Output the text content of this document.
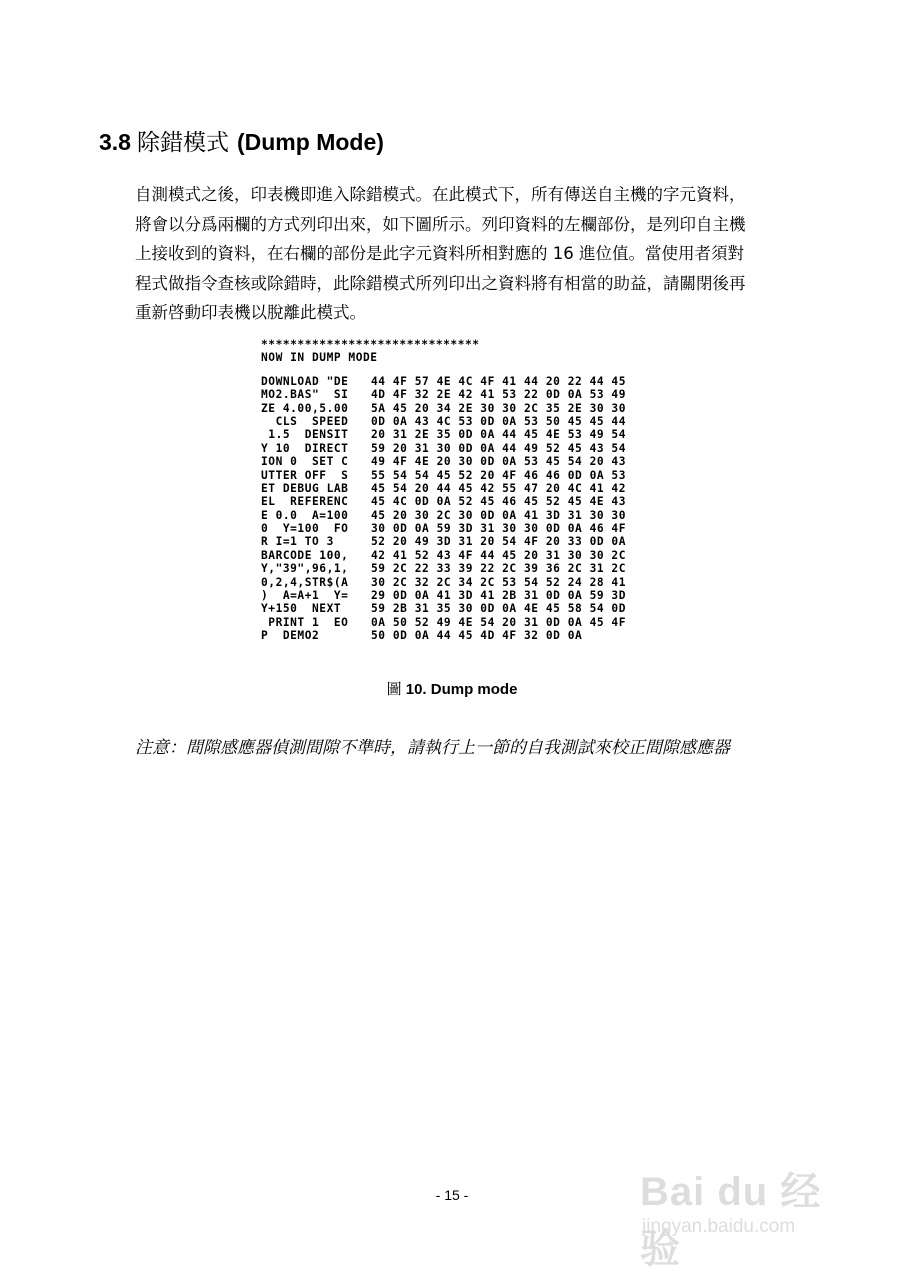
3.8 除錯模式 (Dump Mode)

自測模式之後，印表機即進入除錯模式。在此模式下，所有傳送自主機的字元資料，

將會以分爲兩欄的方式列印出來，如下圖所示。列印資料的左欄部份，是列印自主機

上接收到的資料，在右欄的部份是此字元資料所相對應的 16 進位值。當使用者須對

程式做指令查核或除錯時，此除錯模式所列印出之資料將有相當的助益，請關閉後再

重新啓動印表機以脫離此模式。

******************************
NOW IN DUMP MODE
DOWNLOAD "DE 44 4F 57 4E 4C 4F 41 44 20 22 44 45
MO2.BAS"  SI 4D 4F 32 2E 42 41 53 22 0D 0A 53 49
ZE 4.00,5.00 5A 45 20 34 2E 30 30 2C 35 2E 30 30
CLS  SPEED 0D 0A 43 4C 53 0D 0A 53 50 45 45 44
1.5  DENSIT 20 31 2E 35 0D 0A 44 45 4E 53 49 54
Y 10  DIRECT 59 20 31 30 0D 0A 44 49 52 45 43 54
ION 0  SET C 49 4F 4E 20 30 0D 0A 53 45 54 20 43
UTTER OFF  S 55 54 54 45 52 20 4F 46 46 0D 0A 53
ET DEBUG LAB 45 54 20 44 45 42 55 47 20 4C 41 42
EL  REFERENC 45 4C 0D 0A 52 45 46 45 52 45 4E 43
E 0.0  A=100 45 20 30 2C 30 0D 0A 41 3D 31 30 30
0  Y=100  FO 30 0D 0A 59 3D 31 30 30 0D 0A 46 4F
R I=1 TO 3  52 20 49 3D 31 20 54 4F 20 33 0D 0A
BARCODE 100, 42 41 52 43 4F 44 45 20 31 30 30 2C
Y,"39",96,1, 59 2C 22 33 39 22 2C 39 36 2C 31 2C
0,2,4,STR$(A 30 2C 32 2C 34 2C 53 54 52 24 28 41
)  A=A+1  Y= 29 0D 0A 41 3D 41 2B 31 0D 0A 59 3D
Y+150  NEXT 59 2B 31 35 30 0D 0A 4E 45 58 54 0D
PRINT 1  EO 0A 50 52 49 4E 54 20 31 0D 0A 45 4F
P  DEMO2    50 0D 0A 44 45 4D 4F 32 0D 0A
圖 10. Dump mode
注意：間隙感應器偵測間隙不準時，請執行上一節的自我測試來校正間隙感應器
- 15 -	Bai du 经验
jingyan.baidu.com
